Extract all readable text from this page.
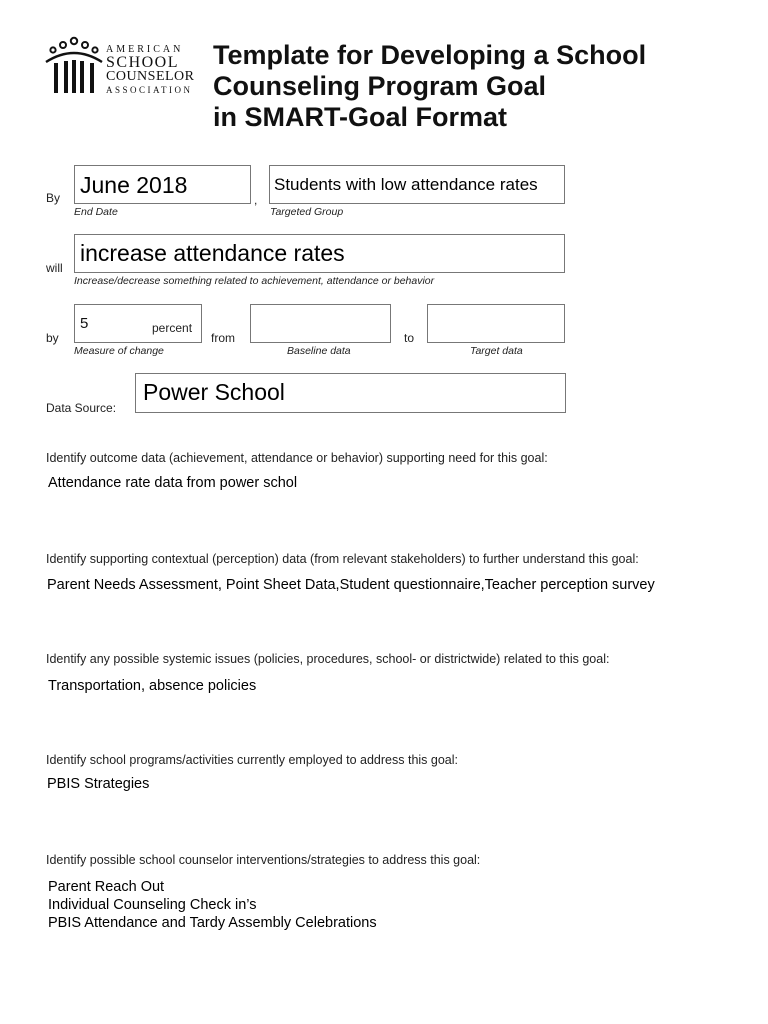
AMERICAN
SCHOOL
COUNSELOR
ASSOCIATION
Template for Developing a School
Counseling Program Goal
in SMART-Goal Format
By June 2018
End Date
,
Students with low attendance rates
Targeted Group
will
increase attendance rates
Increase/decrease something related to achievement, attendance or behavior
by
5	percent
Measure of change
from
Baseline data
to
Target data
Data Source:
Power School
Identify outcome data (achievement, attendance or behavior) supporting need for this goal:
Attendance rate data from power schol
Identify supporting contextual (perception) data (from relevant stakeholders) to further understand this goal:
Parent Needs Assessment, Point Sheet Data,Student questionnaire,Teacher perception survey
Identify any possible systemic issues (policies, procedures, school- or districtwide) related to this goal:
Transportation, absence policies
Identify school programs/activities currently employed to address this goal:
PBIS Strategies
Identify possible school counselor interventions/strategies to address this goal:
Parent Reach Out
Individual Counseling Check in’s
PBIS Attendance and Tardy Assembly Celebrations
